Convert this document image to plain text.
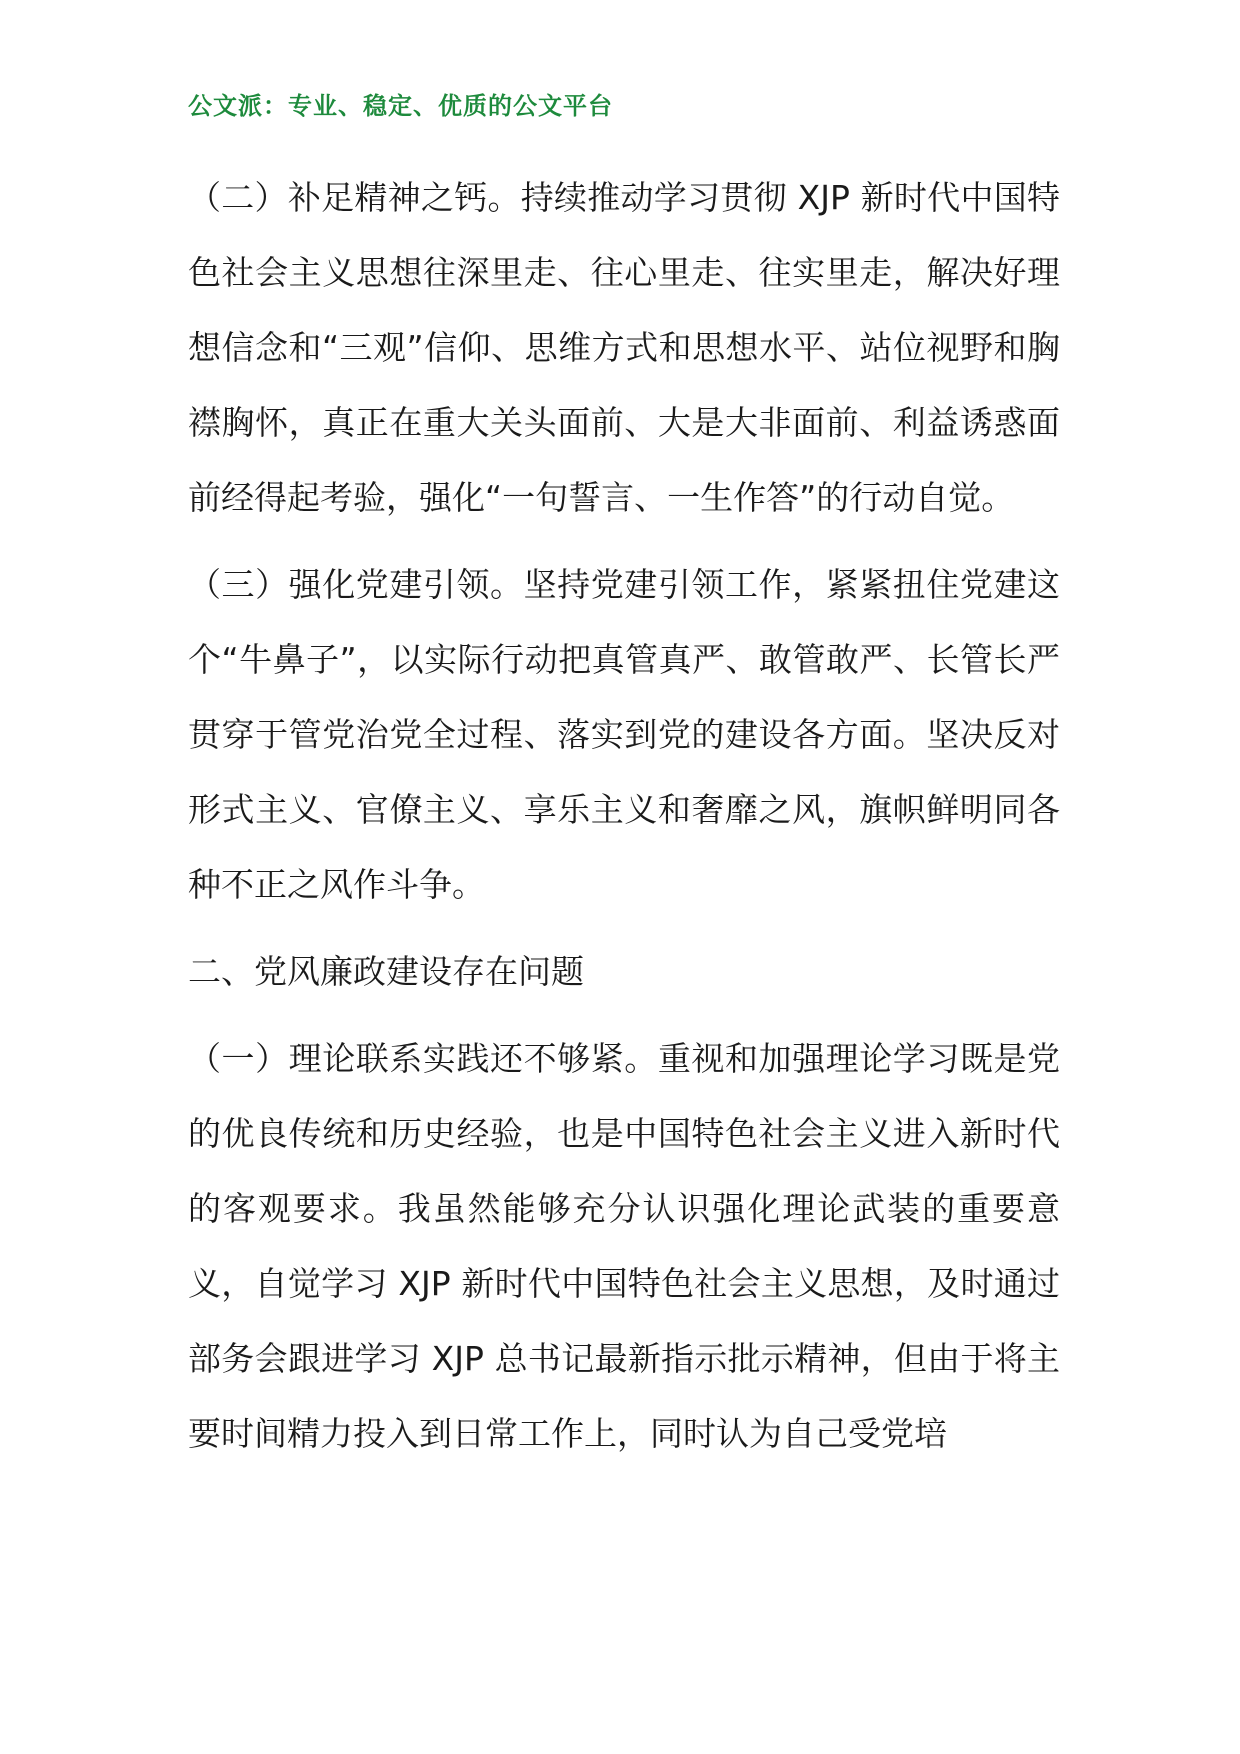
公文派：专业、稳定、优质的公文平台

（二）补足精神之钙。持续推动学习贯彻 XJP 新时代中国特色社会主义思想往深里走、往心里走、往实里走，解决好理想信念和“三观”信仰、思维方式和思想水平、站位视野和胸襟胸怀，真正在重大关头面前、大是大非面前、利益诱惑面前经得起考验，强化“一句誓言、一生作答”的行动自觉。

（三）强化党建引领。坚持党建引领工作，紧紧扭住党建这个“牛鼻子”，以实际行动把真管真严、敢管敢严、长管长严贯穿于管党治党全过程、落实到党的建设各方面。坚决反对形式主义、官僚主义、享乐主义和奢靡之风，旗帜鲜明同各种不正之风作斗争。

二、党风廉政建设存在问题

（一）理论联系实践还不够紧。重视和加强理论学习既是党的优良传统和历史经验，也是中国特色社会主义进入新时代的客观要求。我虽然能够充分认识强化理论武装的重要意义，自觉学习 XJP 新时代中国特色社会主义思想，及时通过部务会跟进学习 XJP 总书记最新指示批示精神，但由于将主要时间精力投入到日常工作上，同时认为自己受党培
